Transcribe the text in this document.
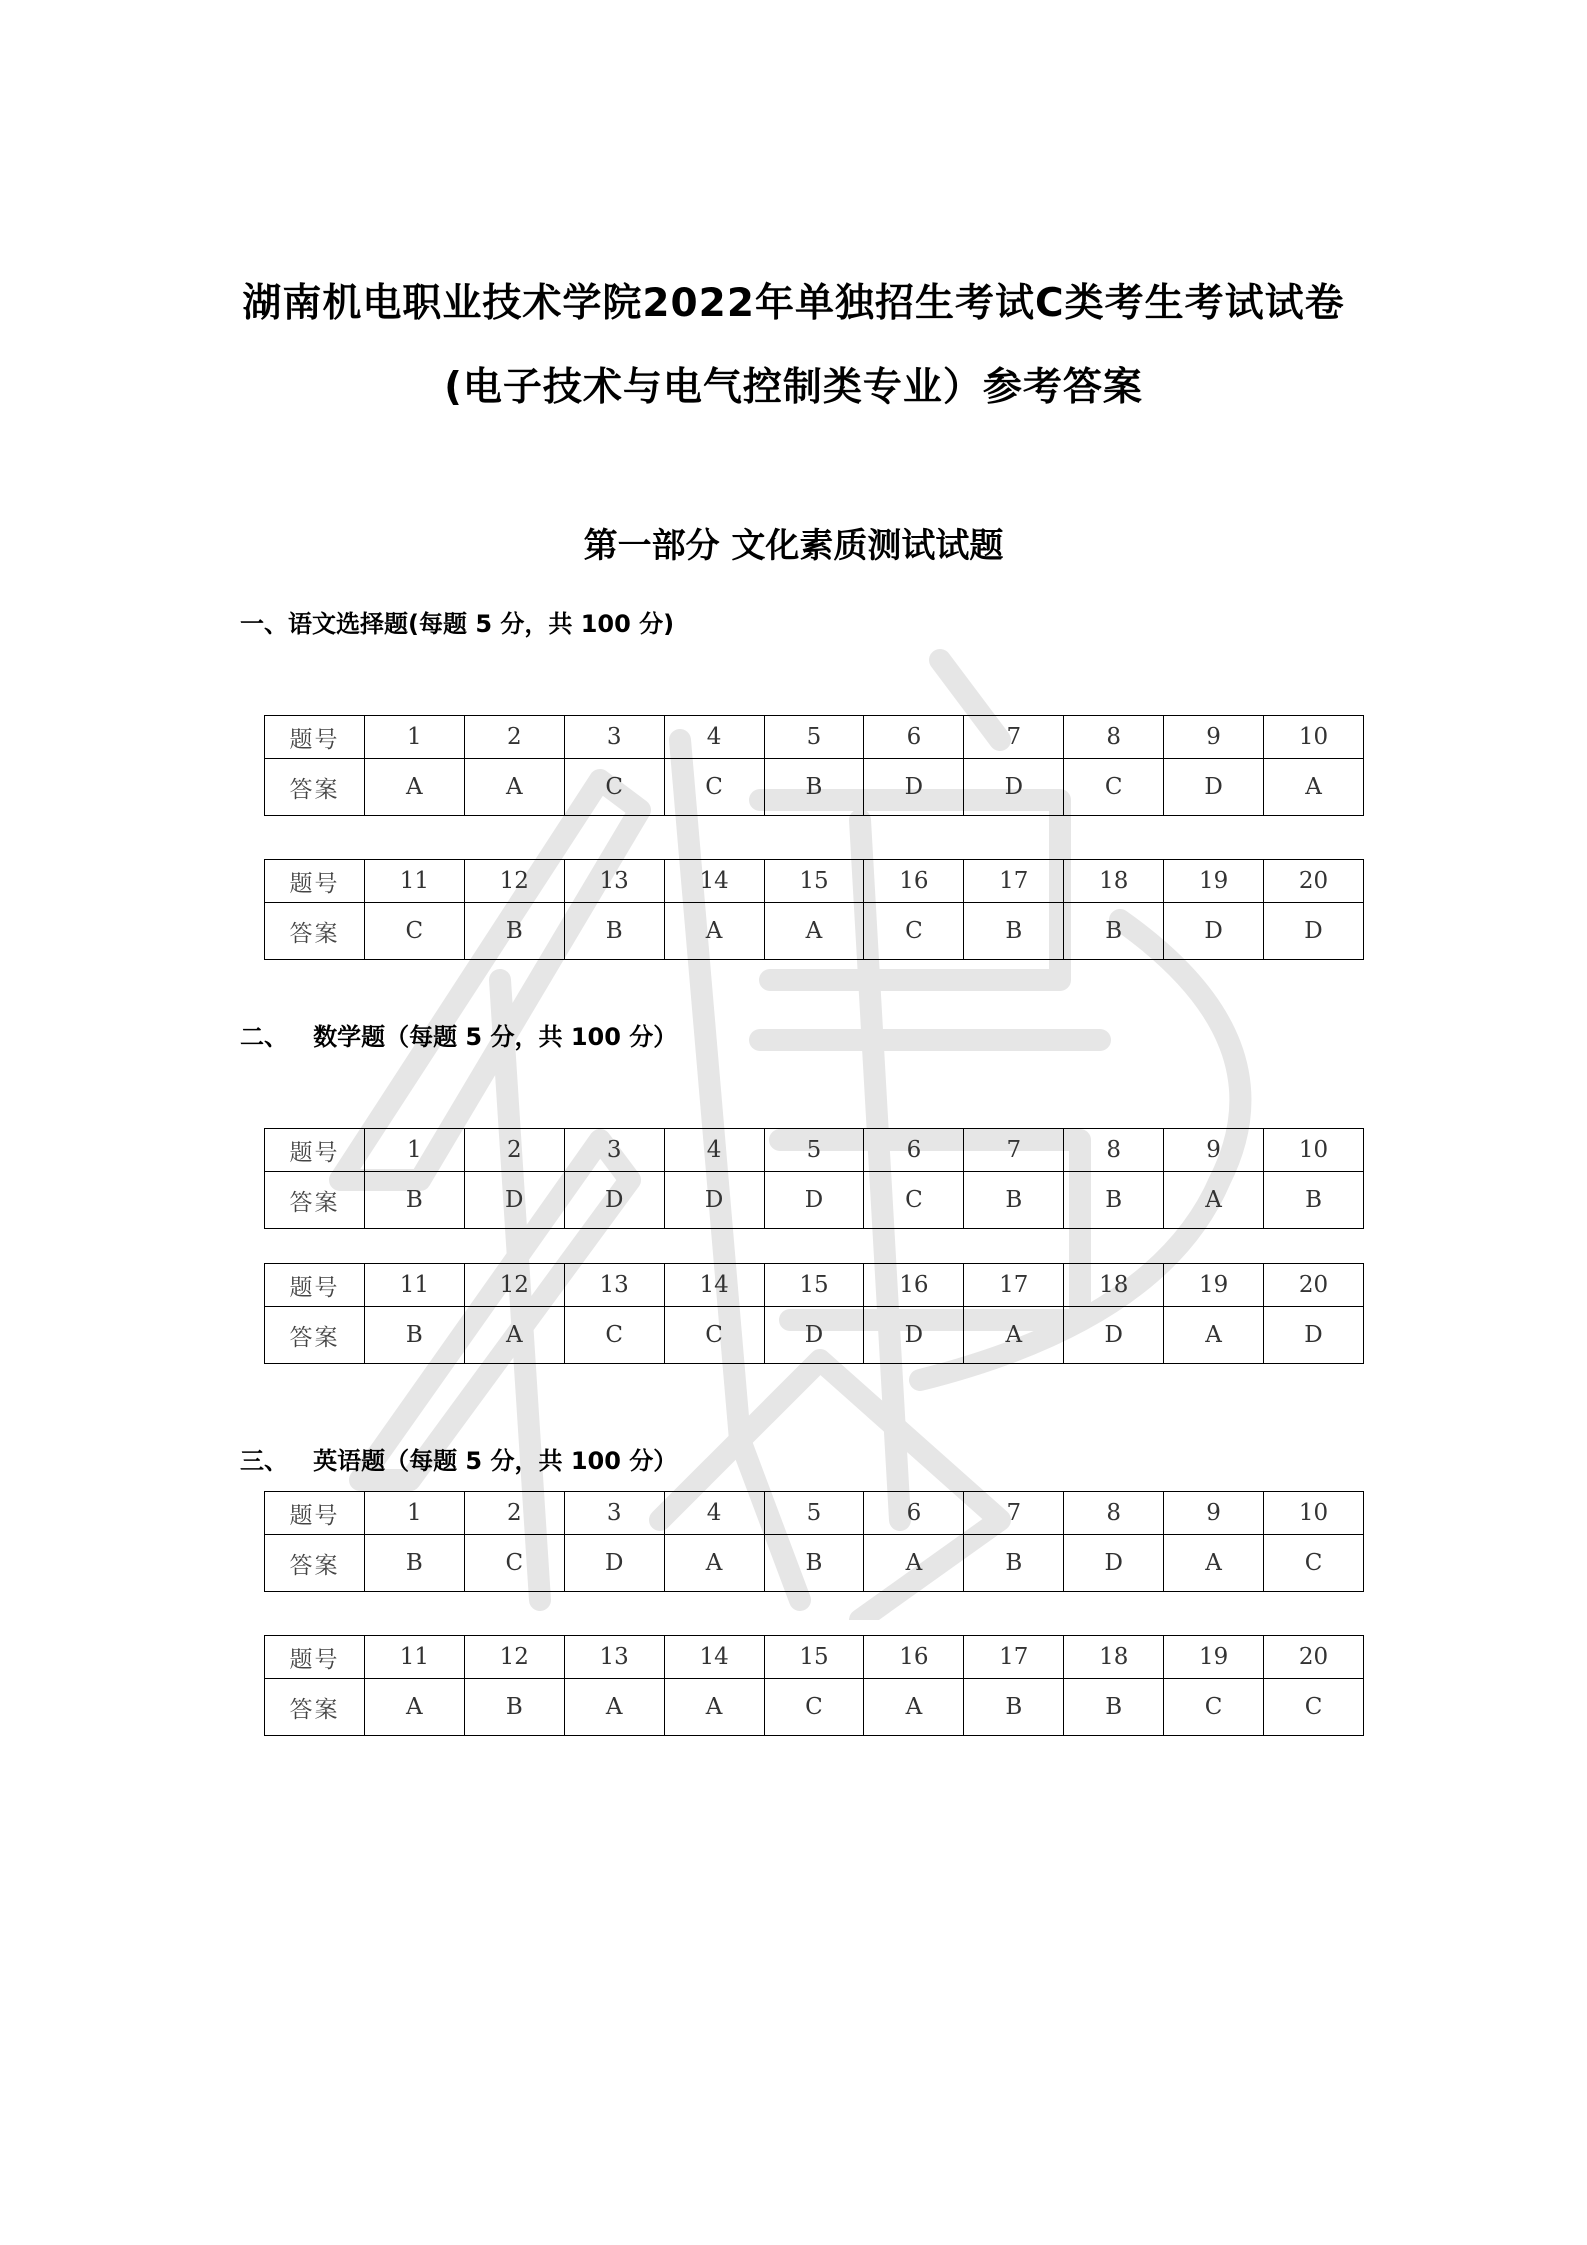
湖南机电职业技术学院2022年单独招生考试C类考生考试试卷
(电子技术与电气控制类专业）参考答案
第一部分 文化素质测试试题

一、语文选择题(每题 5 分，共 100 分)

题号	1	2	3	4	5	6	7	8	9	10
答案	A	A	C	C	B	D	D	C	D	A
题号	11	12	13	14	15	16	17	18	19	20
答案	C	B	B	A	A	C	B	B	D	D

二、   数学题（每题 5 分，共 100 分）

题号	1	2	3	4	5	6	7	8	9	10
答案	B	D	D	D	D	C	B	B	A	B
题号	11	12	13	14	15	16	17	18	19	20
答案	B	A	C	C	D	D	A	D	A	D

三、   英语题（每题 5 分，共 100 分）

题号	1	2	3	4	5	6	7	8	9	10
答案	B	C	D	A	B	A	B	D	A	C
题号	11	12	13	14	15	16	17	18	19	20
答案	A	B	A	A	C	A	B	B	C	C
